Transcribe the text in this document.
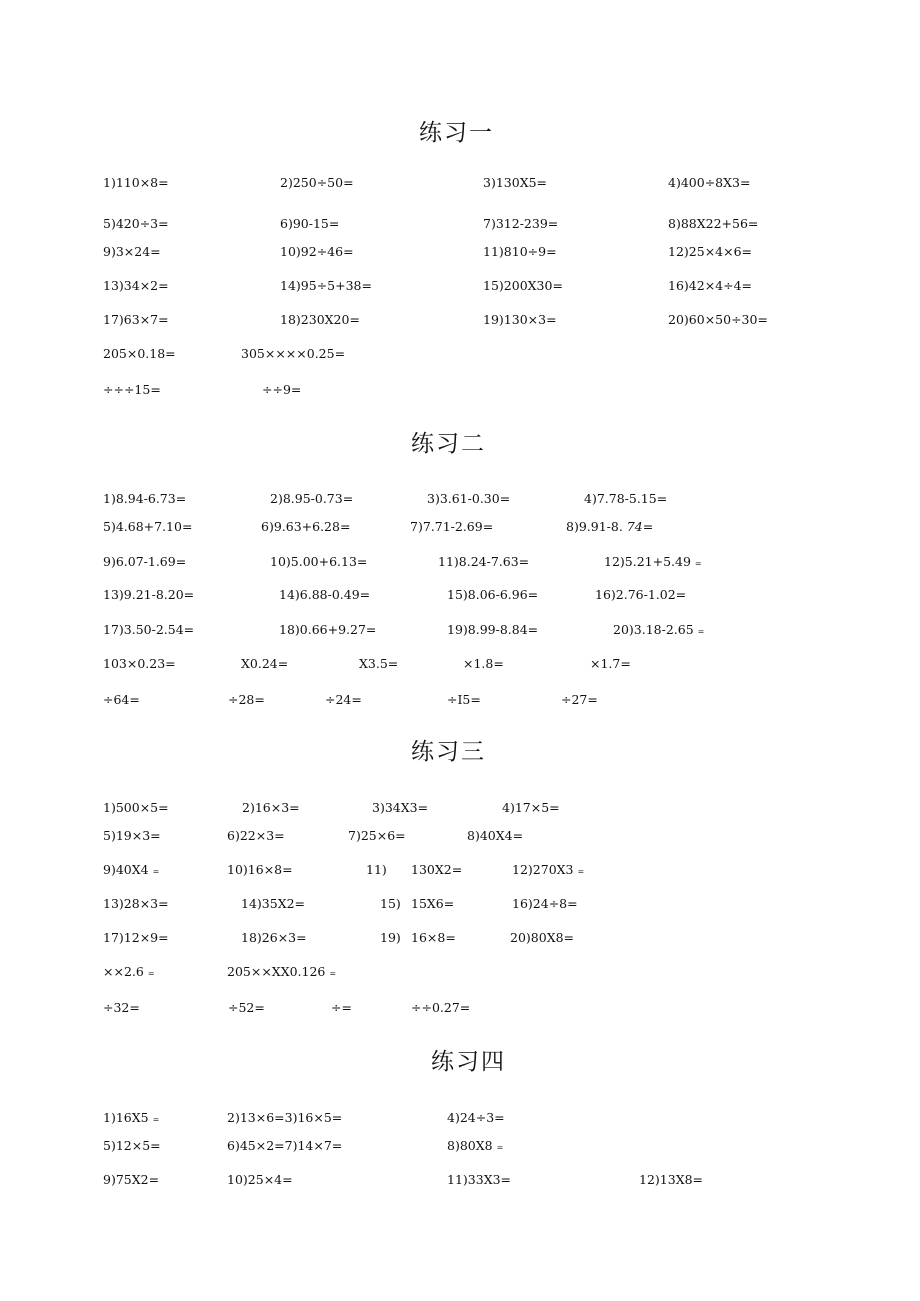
练习一
1)110×8=	2)250÷50=	3)130X5=	4)400÷8X3=
5)420÷3=	6)90-15=	7)312-239=	8)88X22+56=
9)3×24=	10)92÷46=	11)810÷9=	12)25×4×6=
13)34×2=	14)95÷5+38=	15)200X30=	16)42×4÷4=
17)63×7=	18)230X20=	19)130×3=	20)60×50÷30=
205×0.18=	305××××0.25=
÷÷÷15=	÷÷9=
练习二
1)8.94-6.73=	2)8.95-0.73=	3)3.61-0.30=	4)7.78-5.15=
5)4.68+7.10=	6)9.63+6.28=	7)7.71-2.69=	8)9.91-8. 74=
9)6.07-1.69=	10)5.00+6.13=	11)8.24-7.63=	12)5.21+5.49 =
13)9.21-8.20=	14)6.88-0.49=	15)8.06-6.96=	16)2.76-1.02=
17)3.50-2.54=	18)0.66+9.27=	19)8.99-8.84=	20)3.18-2.65 =
103×0.23=	X0.24=	X3.5=	×1.8=	×1.7=
÷64=	÷28=	÷24=	÷I5=	÷27=
练习三
1)500×5=	2)16×3=	3)34X3=	4)17×5=
5)19×3=	6)22×3=	7)25×6=	8)40X4=
9)40X4 =	10)16×8=	11) 130X2=	12)270X3 =
13)28×3=	14)35X2=	15) 15X6=	16)24÷8=
17)12×9=	18)26×3=	19) 16×8=	20)80X8=
××2.6 =	205××XX0.126 =
÷32=	÷52=	÷=	÷÷0.27=
练习四
1)16X5 =	2)13×6=3)16×5=	4)24÷3=
5)12×5=	6)45×2=7)14×7=	8)80X8 =
9)75X2=	10)25×4=	11)33X3=	12)13X8=
